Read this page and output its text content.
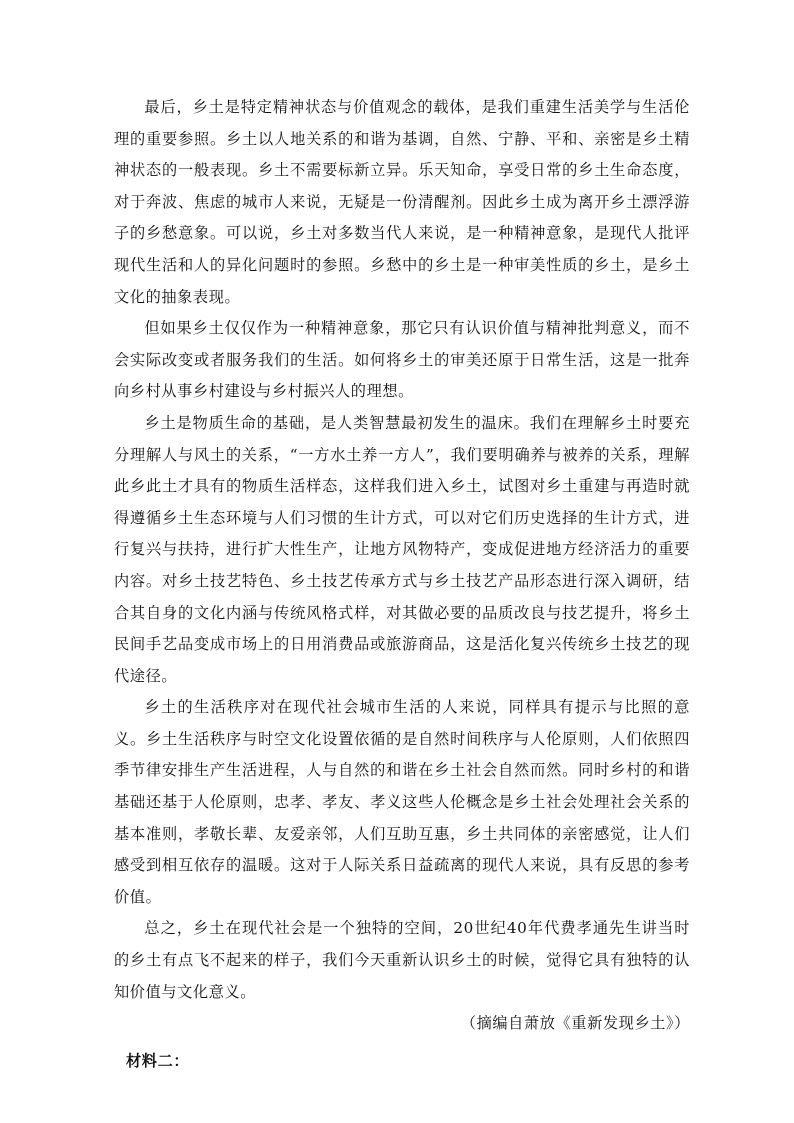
最后，乡土是特定精神状态与价值观念的载体，是我们重建生活美学与生活伦理的重要参照。乡土以人地关系的和谐为基调，自然、宁静、平和、亲密是乡土精神状态的一般表现。乡土不需要标新立异。乐天知命，享受日常的乡土生命态度，对于奔波、焦虑的城市人来说，无疑是一份清醒剂。因此乡土成为离开乡土漂浮游子的乡愁意象。可以说，乡土对多数当代人来说，是一种精神意象，是现代人批评现代生活和人的异化问题时的参照。乡愁中的乡土是一种审美性质的乡土，是乡土文化的抽象表现。

但如果乡土仅仅作为一种精神意象，那它只有认识价值与精神批判意义，而不会实际改变或者服务我们的生活。如何将乡土的审美还原于日常生活，这是一批奔向乡村从事乡村建设与乡村振兴人的理想。

乡土是物质生命的基础，是人类智慧最初发生的温床。我们在理解乡土时要充分理解人与风土的关系，“一方水土养一方人”，我们要明确养与被养的关系，理解此乡此土才具有的物质生活样态，这样我们进入乡土，试图对乡土重建与再造时就得遵循乡土生态环境与人们习惯的生计方式，可以对它们历史选择的生计方式，进行复兴与扶持，进行扩大性生产，让地方风物特产，变成促进地方经济活力的重要内容。对乡土技艺特色、乡土技艺传承方式与乡土技艺产品形态进行深入调研，结合其自身的文化内涵与传统风格式样，对其做必要的品质改良与技艺提升，将乡土民间手艺品变成市场上的日用消费品或旅游商品，这是活化复兴传统乡土技艺的现代途径。

乡土的生活秩序对在现代社会城市生活的人来说，同样具有提示与比照的意义。乡土生活秩序与时空文化设置依循的是自然时间秩序与人伦原则，人们依照四季节律安排生产生活进程，人与自然的和谐在乡土社会自然而然。同时乡村的和谐基础还基于人伦原则，忠孝、孝友、孝义这些人伦概念是乡土社会处理社会关系的基本准则，孝敬长辈、友爱亲邻，人们互助互惠，乡土共同体的亲密感觉，让人们感受到相互依存的温暖。这对于人际关系日益疏离的现代人来说，具有反思的参考价值。

总之，乡土在现代社会是一个独特的空间，20世纪40年代费孝通先生讲当时的乡土有点飞不起来的样子，我们今天重新认识乡土的时候，觉得它具有独特的认知价值与文化意义。

（摘编自萧放《重新发现乡土》）

材料二：
